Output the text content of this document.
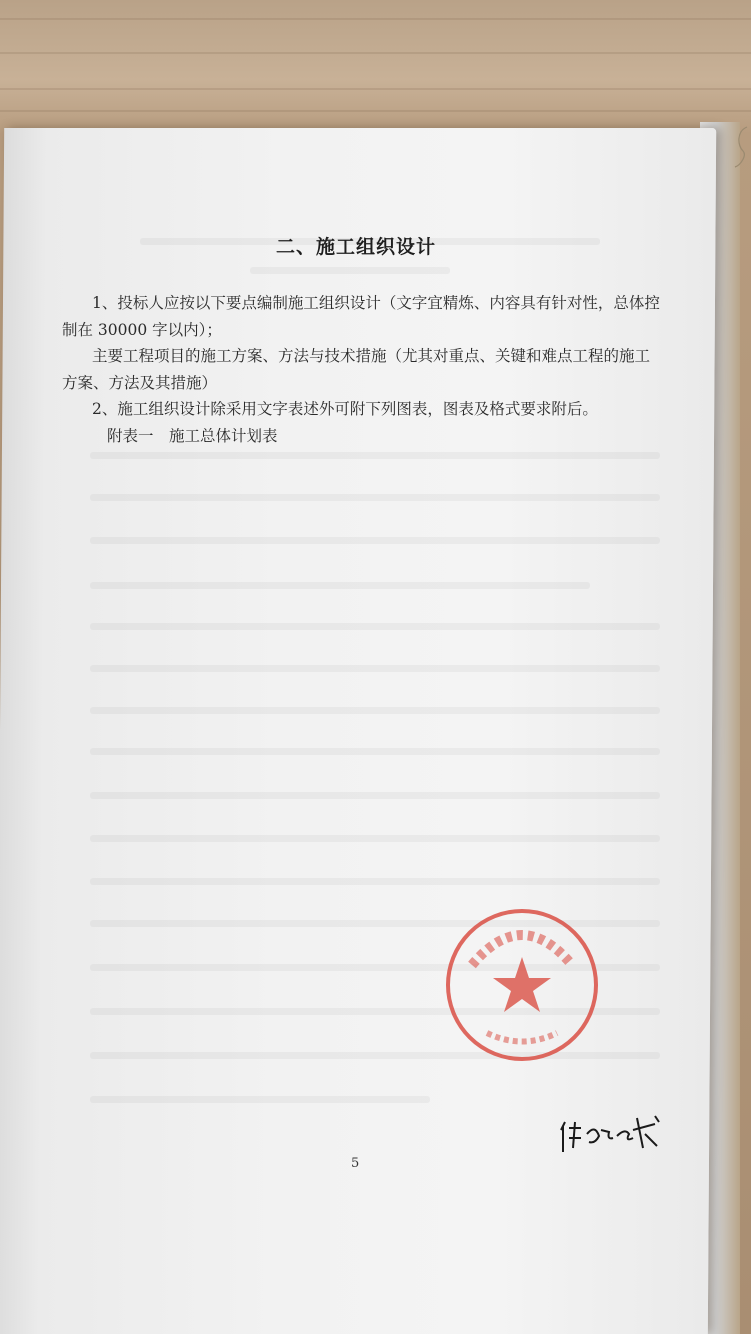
二、施工组织设计
1、投标人应按以下要点编制施工组织设计（文字宜精炼、内容具有针对性，总体控制在 30000 字以内）；
主要工程项目的施工方案、方法与技术措施（尤其对重点、关键和难点工程的施工方案、方法及其措施）
2、施工组织设计除采用文字表述外可附下列图表，图表及格式要求附后。
附表一　施工总体计划表
5
